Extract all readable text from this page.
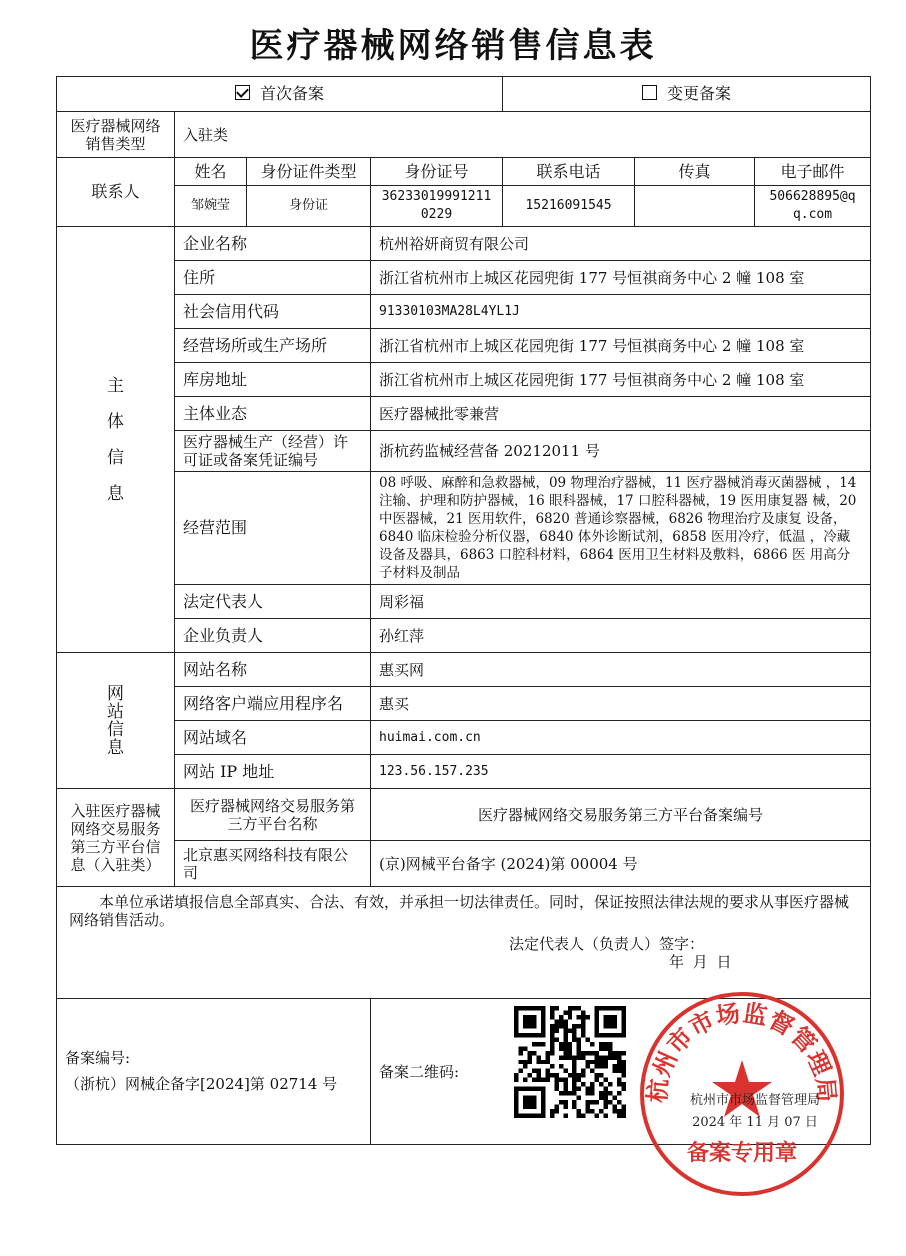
医疗器械网络销售信息表
首次备案				变更备案		
医疗器械网络销售类型	入驻类					
联系人	姓名	身份证件类型	身份证号	联系电话	传真	电子邮件
	邹婉莹	身份证	362330199912110229	15216091545		506628895@qq.com

主

体

信

息	企业名称		杭州裕妍商贸有限公司			
	住所		浙江省杭州市上城区花园兜街 177 号恒祺商务中心 2 幢 108 室			
	社会信用代码		91330103MA28L4YL1J			
	经营场所或生产场所		浙江省杭州市上城区花园兜街 177 号恒祺商务中心 2 幢 108 室			
	库房地址		浙江省杭州市上城区花园兜街 177 号恒祺商务中心 2 幢 108 室			
	主体业态		医疗器械批零兼营			
	医疗器械生产（经营）许可证或备案凭证编号		浙杭药监械经营备 20212011 号			
	经营范围		08 呼吸、麻醉和急救器械，09 物理治疗器械，11 医疗器械消毒灭菌器械 ，14 注输、护理和防护器械，16 眼科器械，17 口腔科器械，19 医用康复器 械，20 中医器械，21 医用软件，6820 普通诊察器械，6826 物理治疗及康复 设备，6840 临床检验分析仪器，6840 体外诊断试剂，6858 医用冷疗，低温 ，冷藏设备及器具，6863 口腔科材料，6864 医用卫生材料及敷料，6866 医 用高分子材料及制品			
	法定代表人		周彩福			
	企业负责人		孙红萍			

网
站
信
息	网站名称		惠买网			
	网络客户端应用程序名		惠买			
	网站域名		huimai.com.cn			
	网站 IP 地址		123.56.157.235			
入驻医疗器械网络交易服务第三方平台信息（入驻类）	医疗器械网络交易服务第三方平台名称		医疗器械网络交易服务第三方平台备案编号			
	北京惠买网络科技有限公司		(京)网械平台备字 (2024)第 00004 号			

本单位承诺填报信息全部真实、合法、有效，并承担一切法律责任。同时，保证按照法律法规的要求从事医疗器械网络销售活动。
法定代表人（负责人）签字：
年 月 日						

备案编号:
（浙杭）网械企备字[2024]第 02714 号			备案二维码:			
杭州市市场监督管理局
备案专用章
杭州市市场监督管理局
2024 年 11 月 07 日
